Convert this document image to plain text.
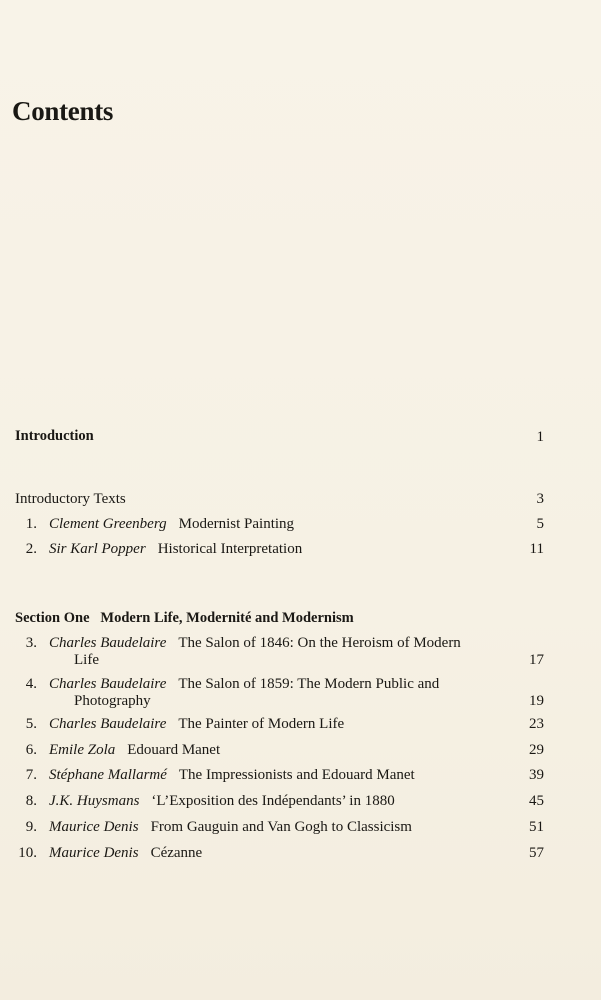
Contents
Introduction	1
Introductory Texts	3
1. Clement Greenberg Modernist Painting	5
2. Sir Karl Popper Historical Interpretation	11
Section One   Modern Life, Modernité and Modernism
3. Charles Baudelaire The Salon of 1846: On the Heroism of Modern
Life	17
4. Charles Baudelaire The Salon of 1859: The Modern Public and
Photography	19
5. Charles Baudelaire The Painter of Modern Life	23
6. Emile Zola Edouard Manet	29
7. Stéphane Mallarmé The Impressionists and Edouard Manet	39
8. J.K. Huysmans ‘L’Exposition des Indépendants’ in 1880	45
9. Maurice Denis From Gauguin and Van Gogh to Classicism	51
10. Maurice Denis Cézanne	57
